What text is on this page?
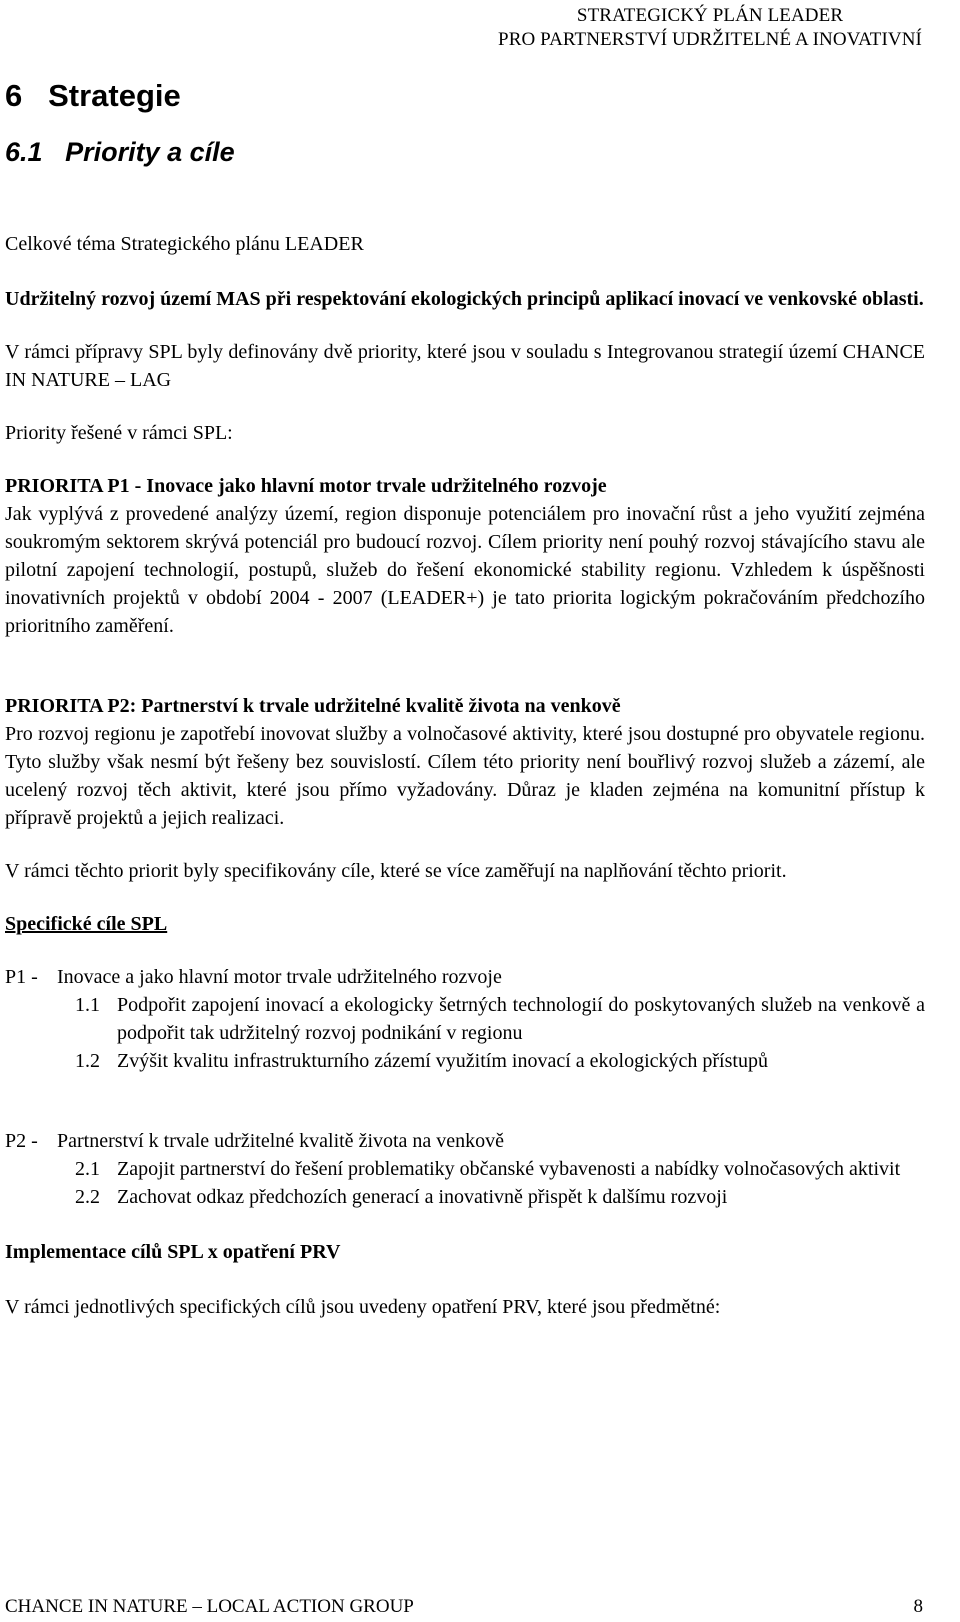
STRATEGICKÝ PLÁN LEADER
PRO PARTNERSTVÍ UDRŽITELNÉ A INOVATIVNÍ
6 Strategie
6.1 Priority a cíle

Celkové téma Strategického plánu LEADER

Udržitelný rozvoj území MAS při respektování ekologických principů aplikací inovací ve venkovské oblasti.

V rámci přípravy SPL byly definovány dvě priority, které jsou v souladu s Integrovanou strategií území CHANCE IN NATURE – LAG

Priority řešené v rámci SPL:

PRIORITA P1 - Inovace jako hlavní motor trvale udržitelného rozvoje

Jak vyplývá z provedené analýzy území, region disponuje potenciálem pro inovační růst a jeho využití zejména soukromým sektorem skrývá potenciál pro budoucí rozvoj. Cílem priority není pouhý rozvoj stávajícího stavu ale pilotní zapojení technologií, postupů, služeb do řešení ekonomické stability regionu. Vzhledem k úspěšnosti inovativních projektů v období 2004 - 2007 (LEADER+) je tato priorita logickým pokračováním předchozího prioritního zaměření.

PRIORITA P2: Partnerství k trvale udržitelné kvalitě života na venkově

Pro rozvoj regionu je zapotřebí inovovat služby a volnočasové aktivity, které jsou dostupné pro obyvatele regionu. Tyto služby však nesmí být řešeny bez souvislostí. Cílem této priority není bouřlivý rozvoj služeb a zázemí, ale ucelený rozvoj těch aktivit, které jsou přímo vyžadovány. Důraz je kladen zejména na komunitní přístup k přípravě projektů a jejich realizaci.

V rámci těchto priorit byly specifikovány cíle, které se více zaměřují na naplňování těchto priorit.

Specifické cíle SPL

P1 - Inovace a jako hlavní motor trvale udržitelného rozvoje
1.1 Podpořit zapojení inovací a ekologicky šetrných technologií do poskytovaných služeb na venkově a podpořit tak udržitelný rozvoj podnikání v regionu
1.2 Zvýšit kvalitu infrastrukturního zázemí využitím inovací a ekologických přístupů
P2 - Partnerství k trvale udržitelné kvalitě života na venkově
2.1 Zapojit partnerství do řešení problematiky občanské vybavenosti a nabídky volnočasových aktivit
2.2 Zachovat odkaz předchozích generací a inovativně přispět k dalšímu rozvoji

Implementace cílů SPL x opatření PRV

V rámci jednotlivých specifických cílů jsou uvedeny opatření PRV, které jsou předmětné:

CHANCE IN NATURE – LOCAL ACTION GROUP	8
